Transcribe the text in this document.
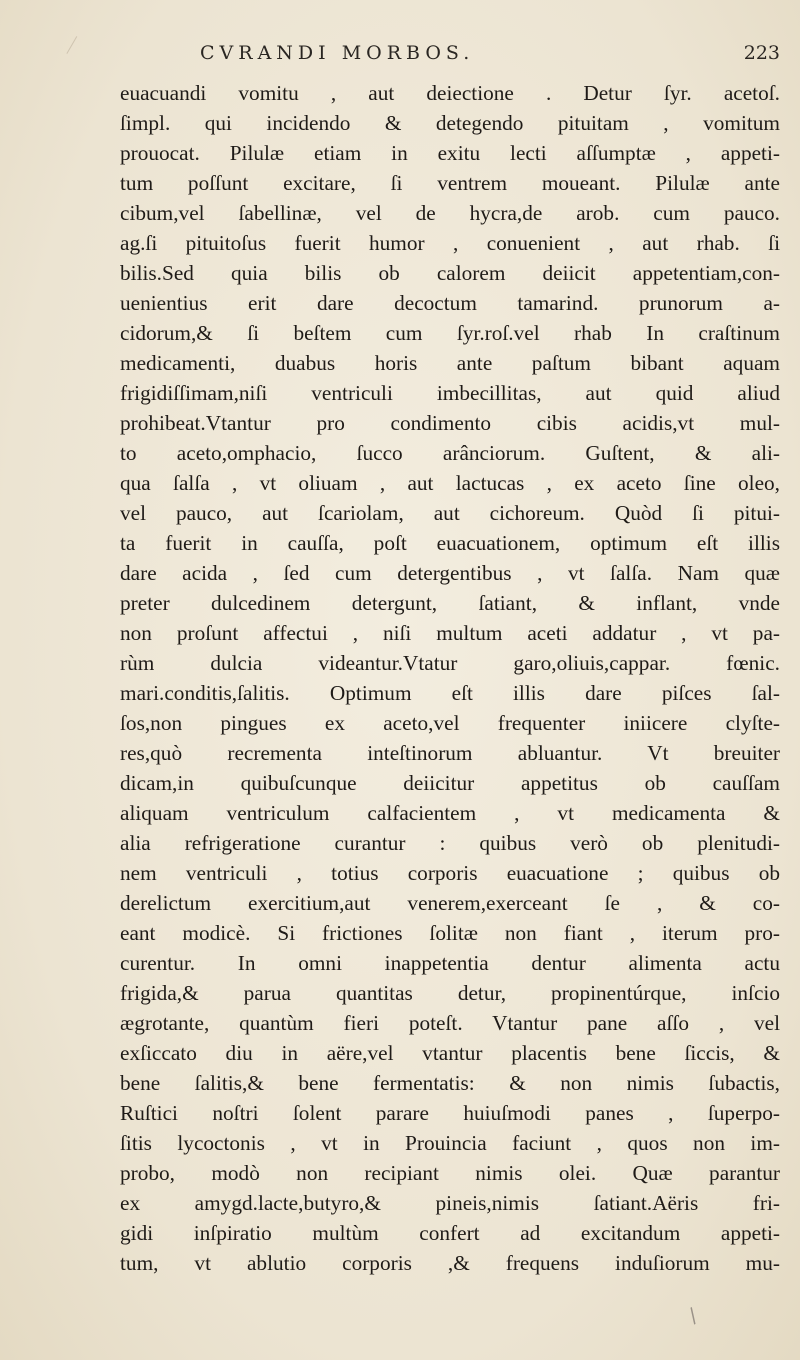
CVRANDI MORBOS.	223
euacuandi vomitu , aut deiectione . Detur ſyr. acetoſ.
ſimpl. qui incidendo & detegendo pituitam , vomitum
prouocat. Pilulæ etiam in exitu lecti aſſumptæ , appeti-
tum poſſunt excitare, ſi ventrem moueant. Pilulæ ante
cibum,vel ſabellinæ, vel de hycra,de arob. cum pauco.
ag.ſi pituitoſus fuerit humor , conuenient , aut rhab. ſi
bilis.Sed quia bilis ob calorem deiicit appetentiam,con-
uenientius erit dare decoctum tamarind. prunorum a-
cidorum,& ſi beſtem cum ſyr.roſ.vel rhab In craſtinum
medicamenti, duabus horis ante paſtum bibant aquam
frigidiſſimam,niſi ventriculi imbecillitas, aut quid aliud
prohibeat.Vtantur pro condimento cibis acidis,vt mul-
to aceto,omphacio, ſucco arânciorum. Guſtent, & ali-
qua ſalſa , vt oliuam , aut lactucas , ex aceto ſine oleo,
vel pauco, aut ſcariolam, aut cichoreum. Quòd ſi pitui-
ta fuerit in cauſſa, poſt euacuationem, optimum eſt illis
dare acida , ſed cum detergentibus , vt ſalſa. Nam quæ
preter dulcedinem detergunt, ſatiant, & inflant, vnde
non proſunt affectui , niſi multum aceti addatur , vt pa-
rùm dulcia videantur.Vtatur garo,oliuis,cappar. fœnic.
mari.conditis,ſalitis. Optimum eſt illis dare piſces ſal-
ſos,non pingues ex aceto,vel frequenter iniicere clyſte-
res,quò recrementa inteſtinorum abluantur. Vt breuiter
dicam,in quibuſcunque deiicitur appetitus ob cauſſam
aliquam ventriculum calfacientem , vt medicamenta &
alia refrigeratione curantur : quibus verò ob plenitudi-
nem ventriculi , totius corporis euacuatione ; quibus ob
derelictum exercitium,aut venerem,exerceant ſe , & co-
eant modicè. Si frictiones ſolitæ non fiant , iterum pro-
curentur. In omni inappetentia dentur alimenta actu
frigida,& parua quantitas detur, propinentúrque, inſcio
ægrotante, quantùm fieri poteſt. Vtantur pane aſſo , vel
exſiccato diu in aëre,vel vtantur placentis bene ſiccis, &
bene ſalitis,& bene fermentatis: & non nimis ſubactis,
Ruſtici noſtri ſolent parare huiuſmodi panes , ſuperpo-
ſitis lycoctonis , vt in Prouincia faciunt , quos non im-
probo, modò non recipiant nimis olei. Quæ parantur
ex amygd.lacte,butyro,& pineis,nimis ſatiant.Aëris fri-
gidi inſpiratio multùm confert ad excitandum appeti-
tum, vt ablutio corporis ,& frequens induſiorum mu-
/
